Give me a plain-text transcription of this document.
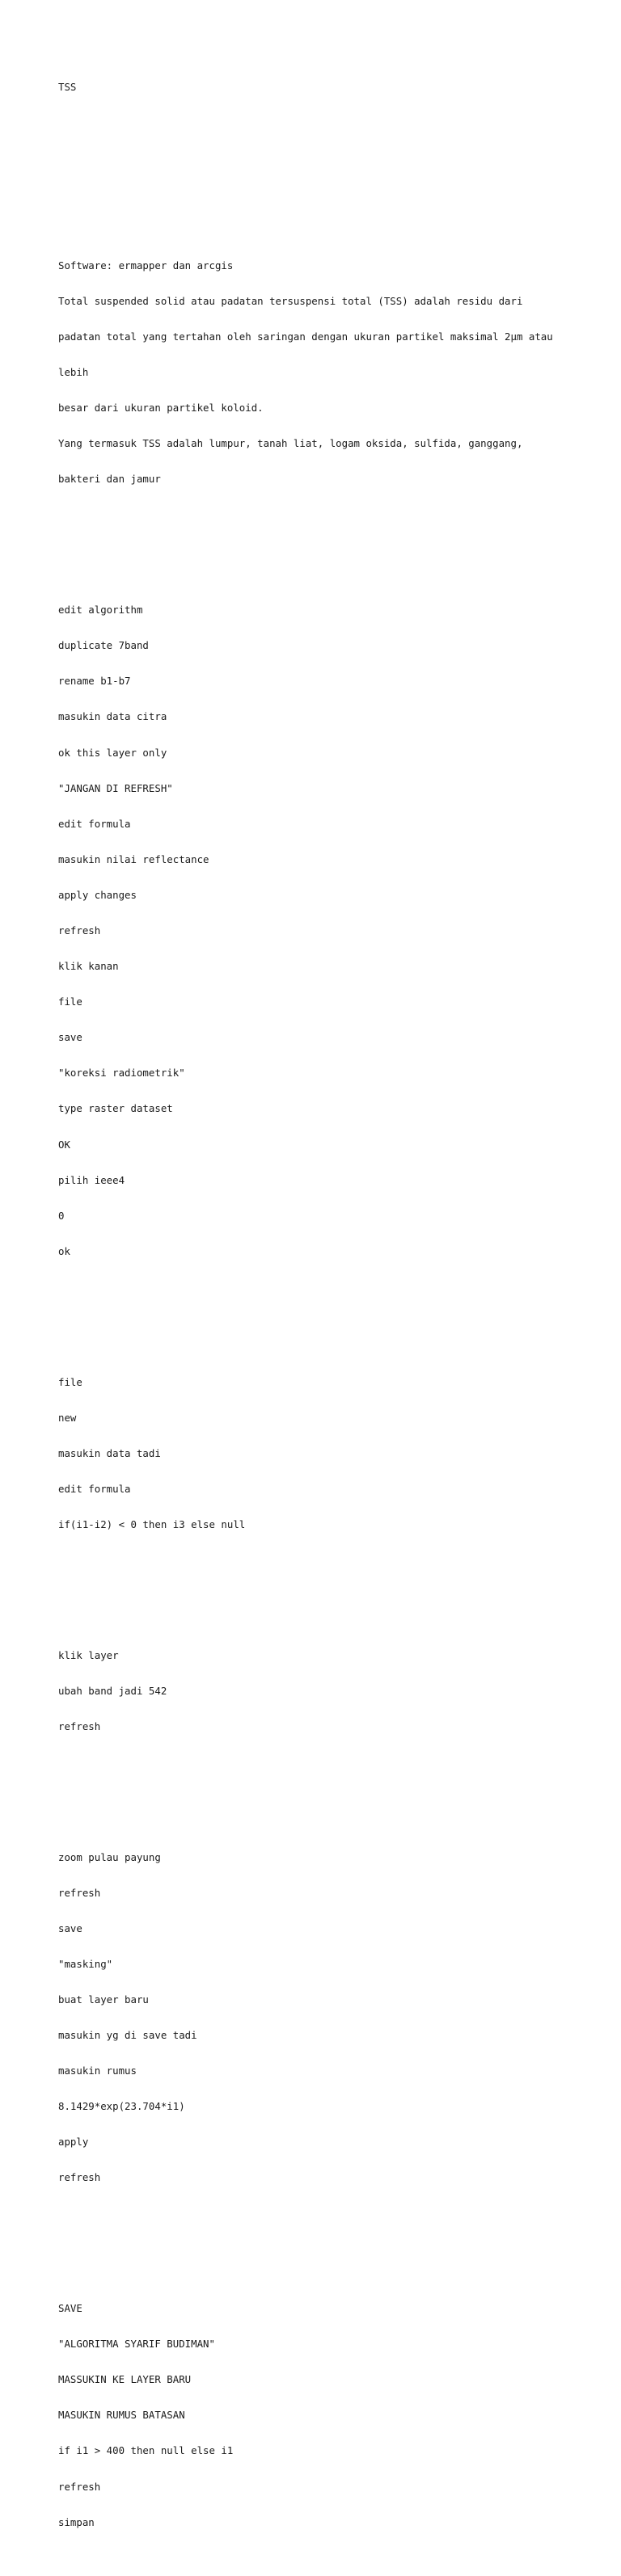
TSS

Software: ermapper dan arcgis

Total suspended solid atau padatan tersuspensi total (TSS) adalah residu dari

padatan total yang tertahan oleh saringan dengan ukuran partikel maksimal 2µm atau

lebih

besar dari ukuran partikel koloid.

Yang termasuk TSS adalah lumpur, tanah liat, logam oksida, sulfida, ganggang,

bakteri dan jamur

edit algorithm

duplicate 7band

rename b1-b7

masukin data citra

ok this layer only

"JANGAN DI REFRESH"

edit formula

masukin nilai reflectance

apply changes

refresh

klik kanan

file

save

"koreksi radiometrik"

type raster dataset

OK

pilih ieee4

0

ok

file

new

masukin data tadi

edit formula

if(i1-i2) < 0 then i3 else null

klik layer

ubah band jadi 542

refresh

zoom pulau payung

refresh

save

"masking"

buat layer baru

masukin yg di save tadi

masukin rumus

8.1429*exp(23.704*i1)

apply

refresh

SAVE

"ALGORITMA SYARIF BUDIMAN"

MASSUKIN KE LAYER BARU

MASUKIN RUMUS BATASAN

if i1 > 400 then null else i1

refresh

simpan
